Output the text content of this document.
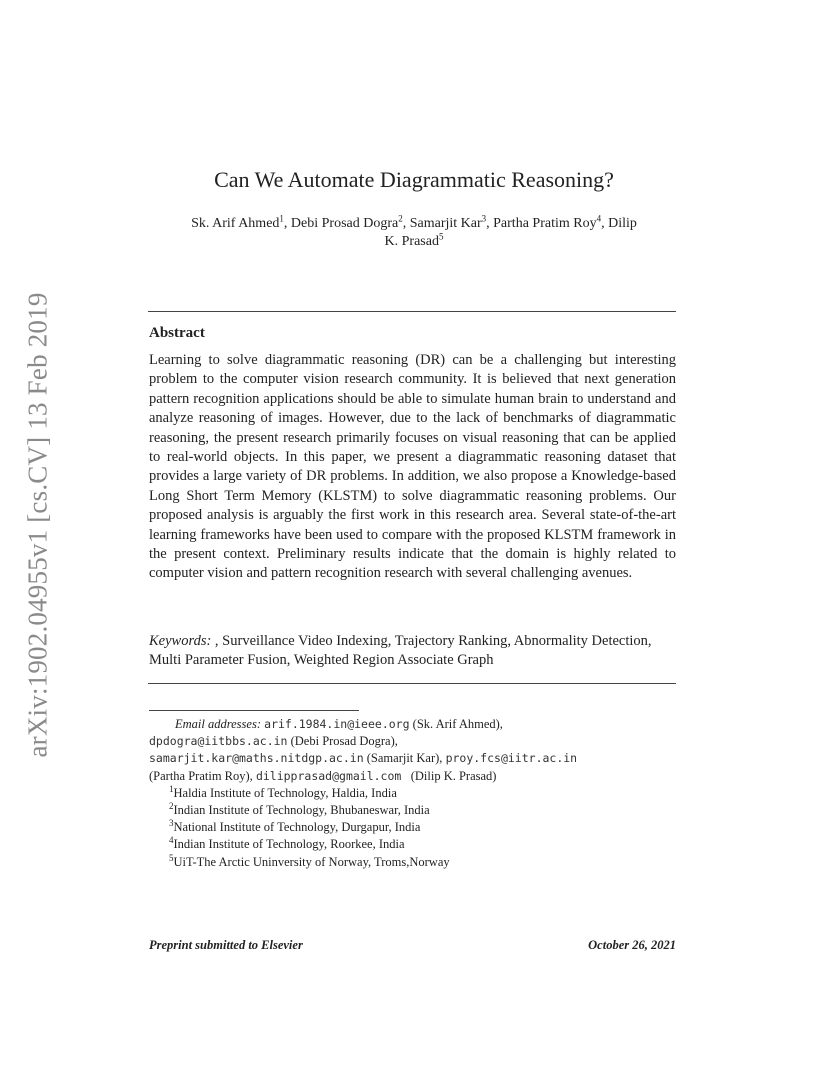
arXiv:1902.04955v1 [cs.CV] 13 Feb 2019
Can We Automate Diagrammatic Reasoning?
Sk. Arif Ahmed$^1$, Debi Prosad Dogra$^2$, Samarjit Kar$^3$, Partha Pratim Roy$^4$, Dilip
K. Prasad$^5$
Abstract
Learning to solve diagrammatic reasoning (DR) can be a challenging but interesting problem to the computer vision research community. It is believed that next generation pattern recognition applications should be able to simulate human brain to understand and analyze reasoning of images. However, due to the lack of benchmarks of diagrammatic reasoning, the present research primarily focuses on visual reasoning that can be applied to real-world objects. In this paper, we present a diagrammatic reasoning dataset that provides a large variety of DR problems. In addition, we also propose a Knowledge-based Long Short Term Memory (KLSTM) to solve diagrammatic reasoning problems. Our proposed analysis is arguably the first work in this research area. Several state-of-the-art learning frameworks have been used to compare with the proposed KLSTM framework in the present context. Preliminary results indicate that the domain is highly related to computer vision and pattern recognition research with several challenging avenues.
Keywords: , Surveillance Video Indexing, Trajectory Ranking, Abnormality Detection, Multi Parameter Fusion, Weighted Region Associate Graph
Email addresses: arif.1984.in@ieee.org (Sk. Arif Ahmed),
dpdogra@iitbbs.ac.in (Debi Prosad Dogra),
samarjit.kar@maths.nitdgp.ac.in (Samarjit Kar), proy.fcs@iitr.ac.in
(Partha Pratim Roy), dilipprasad@gmail.com (Dilip K. Prasad)
$^1$Haldia Institute of Technology, Haldia, India
$^2$Indian Institute of Technology, Bhubaneswar, India
$^3$National Institute of Technology, Durgapur, India
$^4$Indian Institute of Technology, Roorkee, India
$^5$UiT-The Arctic Uninversity of Norway, Troms,Norway
Preprint submitted to Elsevier	October 26, 2021
